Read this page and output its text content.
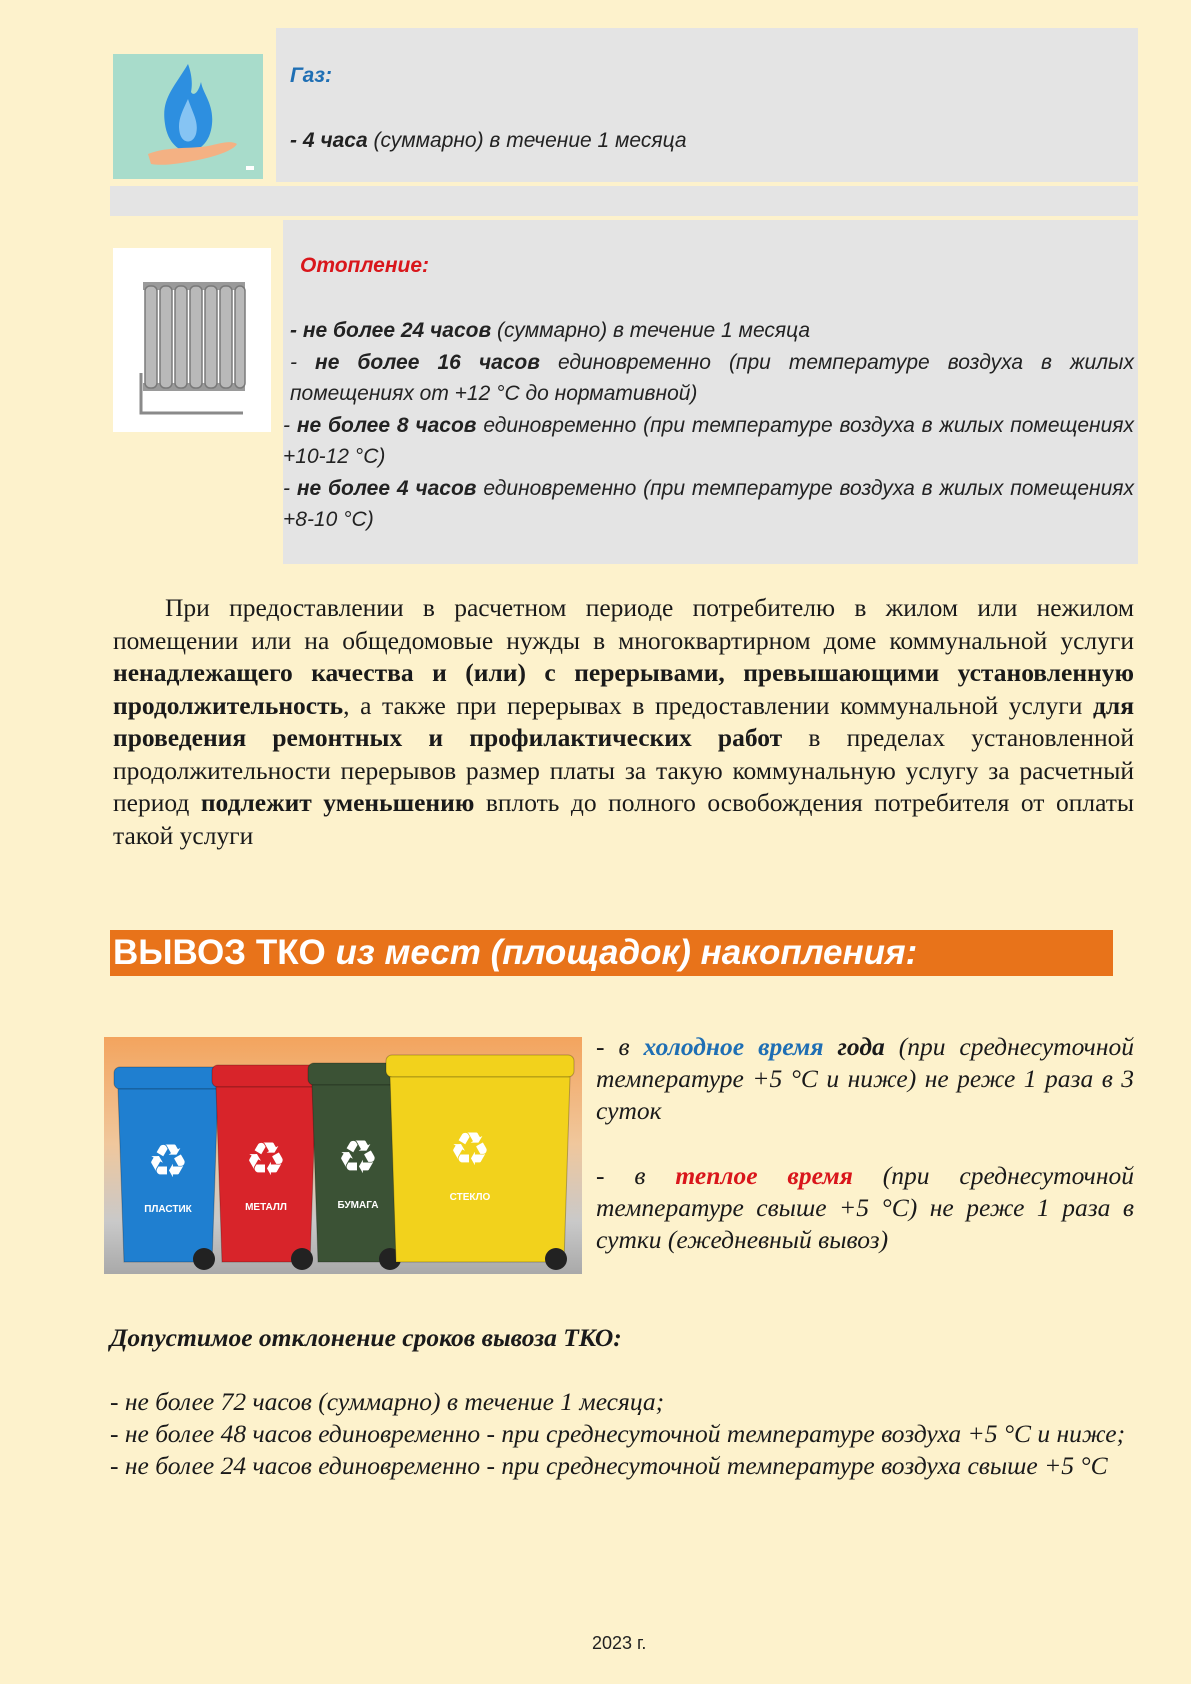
Газ:
- 4 часа (суммарно) в течение 1 месяца
Отопление:
- не более 24 часов (суммарно) в течение 1 месяца
- не более 16 часов единовременно (при температуре воздуха в жилых помещениях от +12 °С до нормативной)
- не более 8 часов единовременно (при температуре воздуха в жилых помещениях +10-12 °С)
- не более 4 часов единовременно (при температуре воздуха в жилых помещениях +8-10 °С)
При предоставлении в расчетном периоде потребителю в жилом или нежилом помещении или на общедомовые нужды в многоквартирном доме коммунальной услуги ненадлежащего качества и (или) с перерывами, превышающими установленную продолжительность, а также при перерывах в предоставлении коммунальной услуги для проведения ремонтных и профилактических работ в пределах установленной продолжительности перерывов размер платы за такую коммунальную услугу за расчетный период подлежит уменьшению вплоть до полного освобождения потребителя от оплаты такой услуги
ВЫВОЗ ТКО из мест (площадок) накопления:
♻
ПЛАСТИК
♻
МЕТАЛЛ
♻
БУМАГА
♻
СТЕКЛО
- в холодное время года (при среднесуточной температуре +5 °С и ниже) не реже 1 раза в 3 суток
- в теплое время (при среднесуточной температуре свыше +5 °С) не реже 1 раза в сутки (ежедневный вывоз)
Допустимое отклонение сроков вывоза ТКО:
- не более 72 часов (суммарно) в течение 1 месяца;
- не более 48 часов единовременно - при среднесуточной температуре воздуха +5 °С и ниже;
- не более 24 часов единовременно - при среднесуточной температуре воздуха свыше +5 °С
2023 г.
